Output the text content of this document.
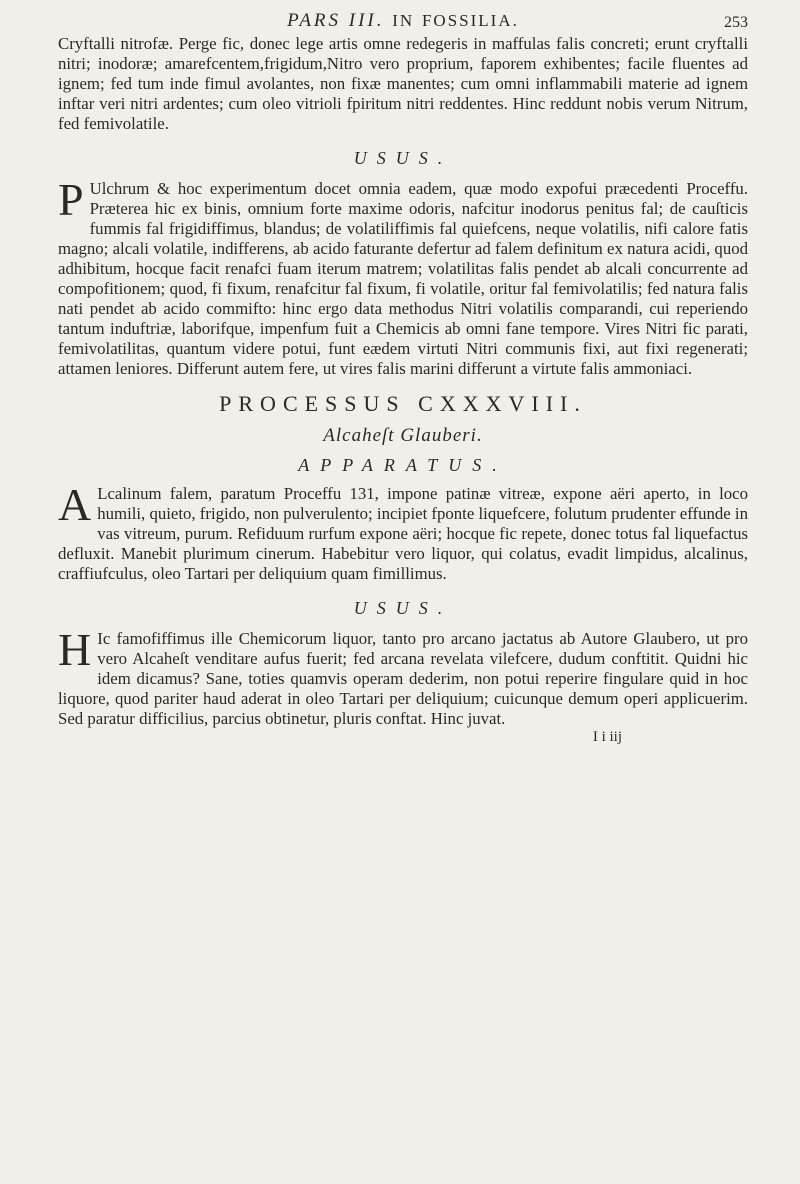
PARS III. IN FOSSILIA.	253

Cryftalli nitrofæ. Perge fic, donec lege artis omne redegeris in maffulas falis concreti; erunt cryftalli nitri; inodoræ; amarefcentem,frigidum,Nitro vero proprium, faporem exhibentes; facile fluentes ad ignem; fed tum inde fimul avolantes, non fixæ manentes; cum omni inflammabili materie ad ignem inftar veri nitri ardentes; cum oleo vitrioli fpiritum nitri reddentes. Hinc reddunt nobis verum Nitrum, fed femivolatile.

USUS.

P Ulchrum & hoc experimentum docet omnia eadem, quæ modo expofui præcedenti Proceffu. Præterea hic ex binis, omnium forte maxime odoris, nafcitur inodorus penitus fal; de cauſticis fummis fal frigidiffimus, blandus; de volatiliffimis fal quiefcens, neque volatilis, nifi calore fatis magno; alcali volatile, indifferens, ab acido faturante defertur ad falem definitum ex natura acidi, quod adhibitum, hocque facit renafci fuam iterum matrem; volatilitas falis pendet ab alcali concurrente ad compofitionem; quod, fi fixum, renafcitur fal fixum, fi volatile, oritur fal femivolatilis; fed natura falis nati pendet ab acido commifto: hinc ergo data methodus Nitri volatilis comparandi, cui reperiendo tantum induftriæ, laborifque, impenfum fuit a Chemicis ab omni fane tempore. Vires Nitri fic parati, femivolatilitas, quantum videre potui, funt eædem virtuti Nitri communis fixi, aut fixi regenerati; attamen leniores. Differunt autem fere, ut vires falis marini differunt a virtute falis ammoniaci.

PROCESSUS CXXXVIII.
Alcaheſt Glauberi.
APPARATUS.

A Lcalinum falem, paratum Proceffu 131, impone patinæ vitreæ, expone aëri aperto, in loco humili, quieto, frigido, non pulverulento; incipiet fponte liquefcere, folutum prudenter effunde in vas vitreum, purum. Refiduum rurfum expone aëri; hocque fic repete, donec totus fal liquefactus defluxit. Manebit plurimum cinerum. Habebitur vero liquor, qui colatus, evadit limpidus, alcalinus, craffiufculus, oleo Tartari per deliquium quam fimillimus.

USUS.

H Ic famofiffimus ille Chemicorum liquor, tanto pro arcano jactatus ab Autore Glaubero, ut pro vero Alcaheſt venditare aufus fuerit; fed arcana revelata vilefcere, dudum conftitit. Quidni hic idem dicamus? Sane, toties quamvis operam dederim, non potui reperire fingulare quid in hoc liquore, quod pariter haud aderat in oleo Tartari per deliquium; cuicunque demum operi applicuerim. Sed paratur difficilius, parcius obtinetur, pluris conftat. Hinc juvat.

I i iij
